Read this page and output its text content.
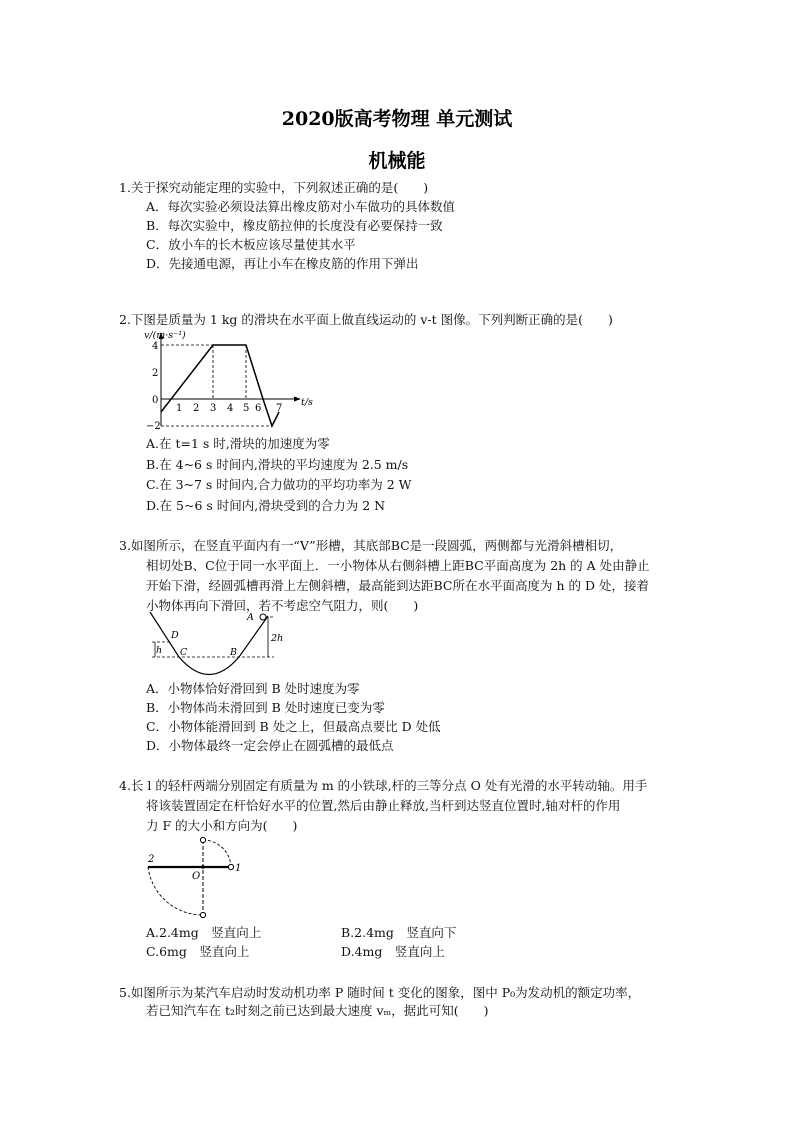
2020版高考物理 单元测试
机械能
1.关于探究动能定理的实验中，下列叙述正确的是(　　)
A．每次实验必须设法算出橡皮筋对小车做功的具体数值
B．每次实验中，橡皮筋拉伸的长度没有必要保持一致
C．放小车的长木板应该尽量使其水平
D．先接通电源，再让小车在橡皮筋的作用下弹出
2.下图是质量为 1 kg 的滑块在水平面上做直线运动的 v-t 图像。下列判断正确的是(　　)
v/(m·s⁻¹)
t/s
4
2
0
−2
1 2 3 4 5 6 7
A.在 t=1 s 时,滑块的加速度为零
B.在 4~6 s 时间内,滑块的平均速度为 2.5 m/s
C.在 3~7 s 时间内,合力做功的平均功率为 2 W
D.在 5~6 s 时间内,滑块受到的合力为 2 N
3.如图所示，在竖直平面内有一“V”形槽，其底部BC是一段圆弧，两侧都与光滑斜槽相切，
相切处B、C位于同一水平面上．一小物体从右侧斜槽上距BC平面高度为 2h 的 A 处由静止
开始下滑，经圆弧槽再滑上左侧斜槽，最高能到达距BC所在水平面高度为 h 的 D 处，接着
小物体再向下滑回，若不考虑空气阻力，则(　　)
A
D
C	B
h
2h
A．小物体恰好滑回到 B 处时速度为零
B．小物体尚未滑回到 B 处时速度已变为零
C．小物体能滑回到 B 处之上，但最高点要比 D 处低
D．小物体最终一定会停止在圆弧槽的最低点
4.长 l 的轻杆两端分别固定有质量为 m 的小铁球,杆的三等分点 O 处有光滑的水平转动轴。用手
将该装置固定在杆恰好水平的位置,然后由静止释放,当杆到达竖直位置时,轴对杆的作用
力 F 的大小和方向为(　　)
2
O
1
A.2.4mg　竖直向上	B.2.4mg　竖直向下
C.6mg　竖直向上	D.4mg　竖直向上
5.如图所示为某汽车启动时发动机功率 P 随时间 t 变化的图象，图中 P₀为发动机的额定功率，
若已知汽车在 t₂时刻之前已达到最大速度 vₘ，据此可知(　　)
